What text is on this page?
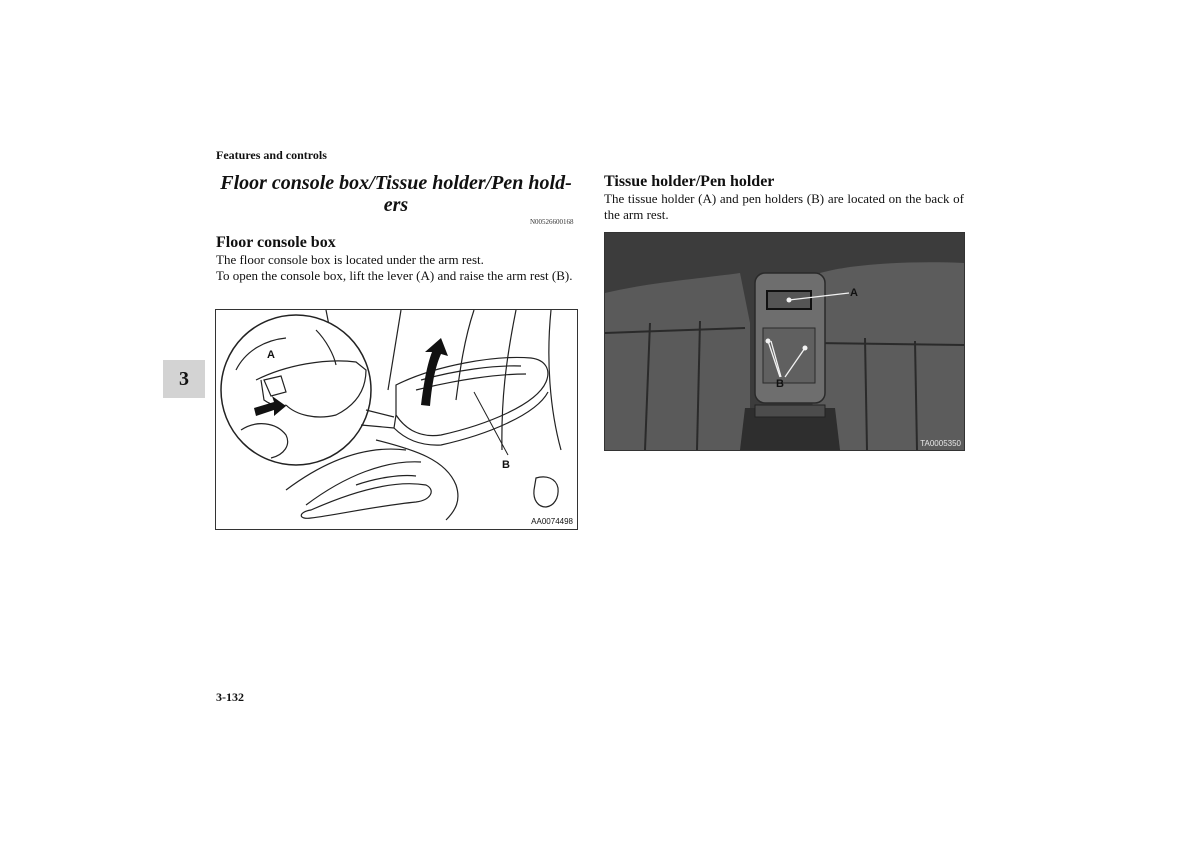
Features and controls
3
Floor console box/Tissue holder/Pen hold-ers
N00526600168
Floor console box
The floor console box is located under the arm rest.
To open the console box, lift the lever (A) and raise the arm rest (B).
A
B
AA0074498
Tissue holder/Pen holder
The tissue holder (A) and pen holders (B) are located on the back of the arm rest.
A
B
TA0005350
3-132
